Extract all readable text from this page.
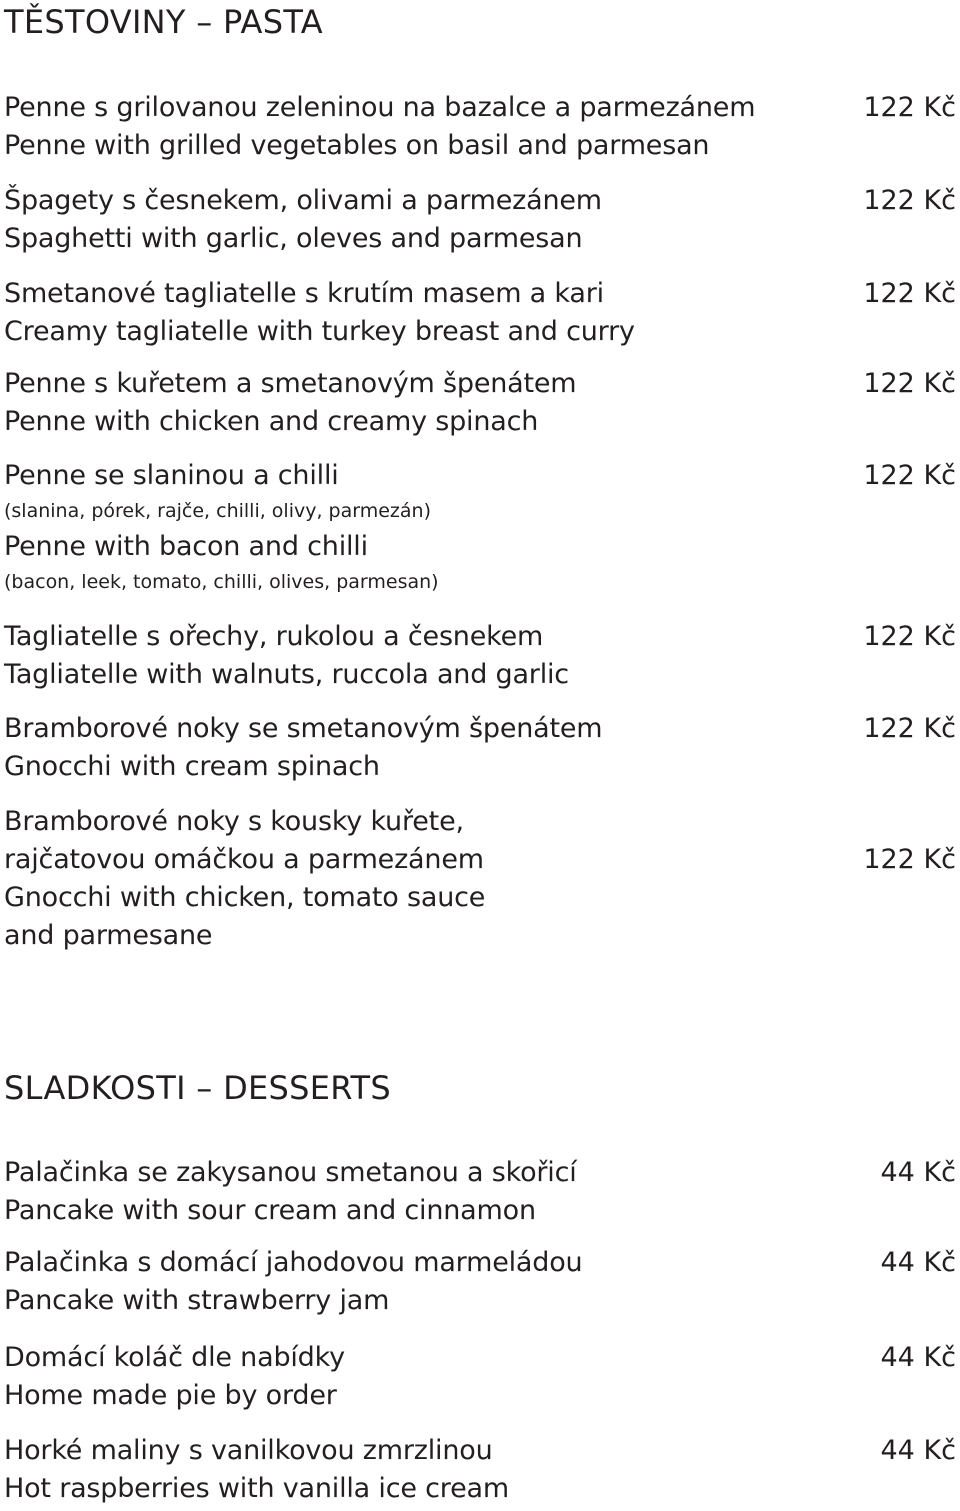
TĚSTOVINY – PASTA
Penne s grilovanou zeleninou na bazalce a parmezánem
Penne with grilled vegetables on basil and parmesan
122 Kč
Špagety s česnekem, olivami a parmezánem
Spaghetti with garlic, oleves and parmesan
122 Kč
Smetanové tagliatelle s krutím masem a kari
Creamy tagliatelle with turkey breast and curry
122 Kč
Penne s kuřetem a smetanovým špenátem
Penne with chicken and creamy spinach
122 Kč
Penne se slaninou a chilli
(slanina, pórek, rajče, chilli, olivy, parmezán)
Penne with bacon and chilli
(bacon, leek, tomato, chilli, olives, parmesan)
122 Kč
Tagliatelle s ořechy, rukolou a česnekem
Tagliatelle with walnuts, ruccola and garlic
122 Kč
Bramborové noky se smetanovým špenátem
Gnocchi with cream spinach
122 Kč
Bramborové noky s kousky kuřete,
rajčatovou omáčkou a parmezánem
Gnocchi with chicken, tomato sauce
and parmesane
122 Kč
SLADKOSTI – DESSERTS
Palačinka se zakysanou smetanou a skořicí
Pancake with sour cream and cinnamon
44 Kč
Palačinka s domácí jahodovou marmeládou
Pancake with strawberry jam
44 Kč
Domácí koláč dle nabídky
Home made pie by order
44 Kč
Horké maliny s vanilkovou zmrzlinou
Hot raspberries with vanilla ice cream
44 Kč
